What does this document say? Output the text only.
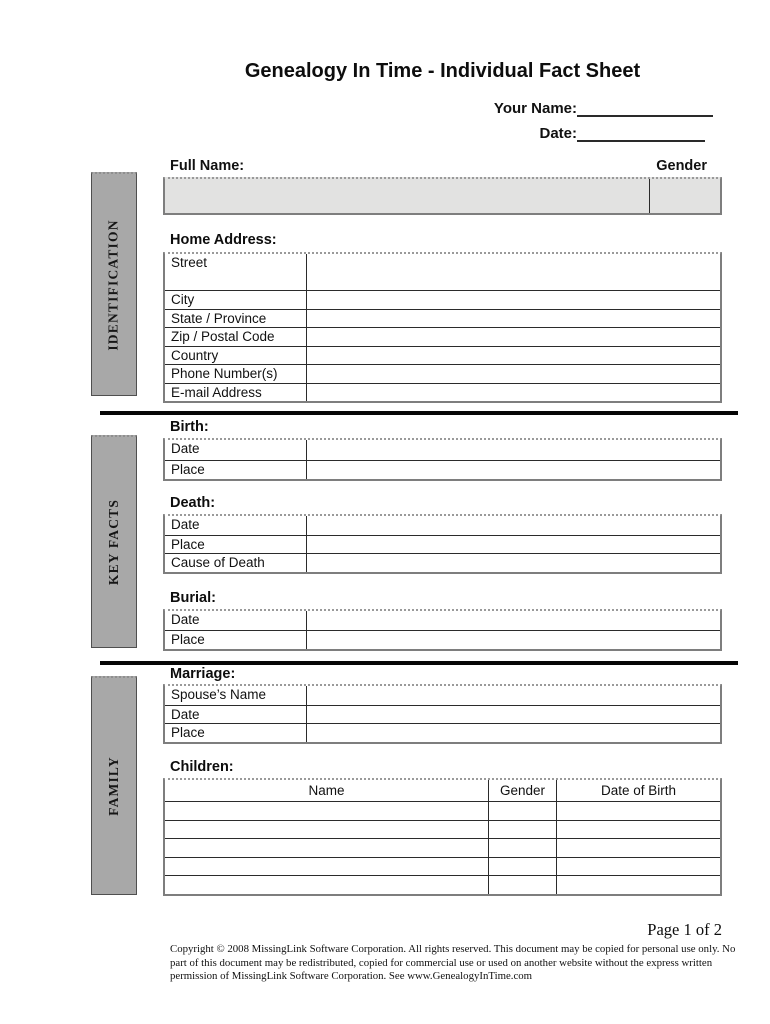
Genealogy In Time - Individual Fact Sheet
Your Name:
Date:
IDENTIFICATION
Full Name:	Gender
Home Address:
Street
City
State / Province
Zip / Postal Code
Country
Phone Number(s)
E-mail Address
KEY FACTS
Birth:
Date
Place
Death:
Date
Place
Cause of Death
Burial:
Date
Place
FAMILY
Marriage:
Spouse’s Name
Date
Place
Children:
Name	Gender	Date of Birth
Page 1 of 2
Copyright © 2008 MissingLink Software Corporation. All rights reserved. This document may be copied for personal use only. No
part of this document may be redistributed, copied for commercial use or used on another website without the express written
permission of MissingLink Software Corporation. See www.GenealogyInTime.com
